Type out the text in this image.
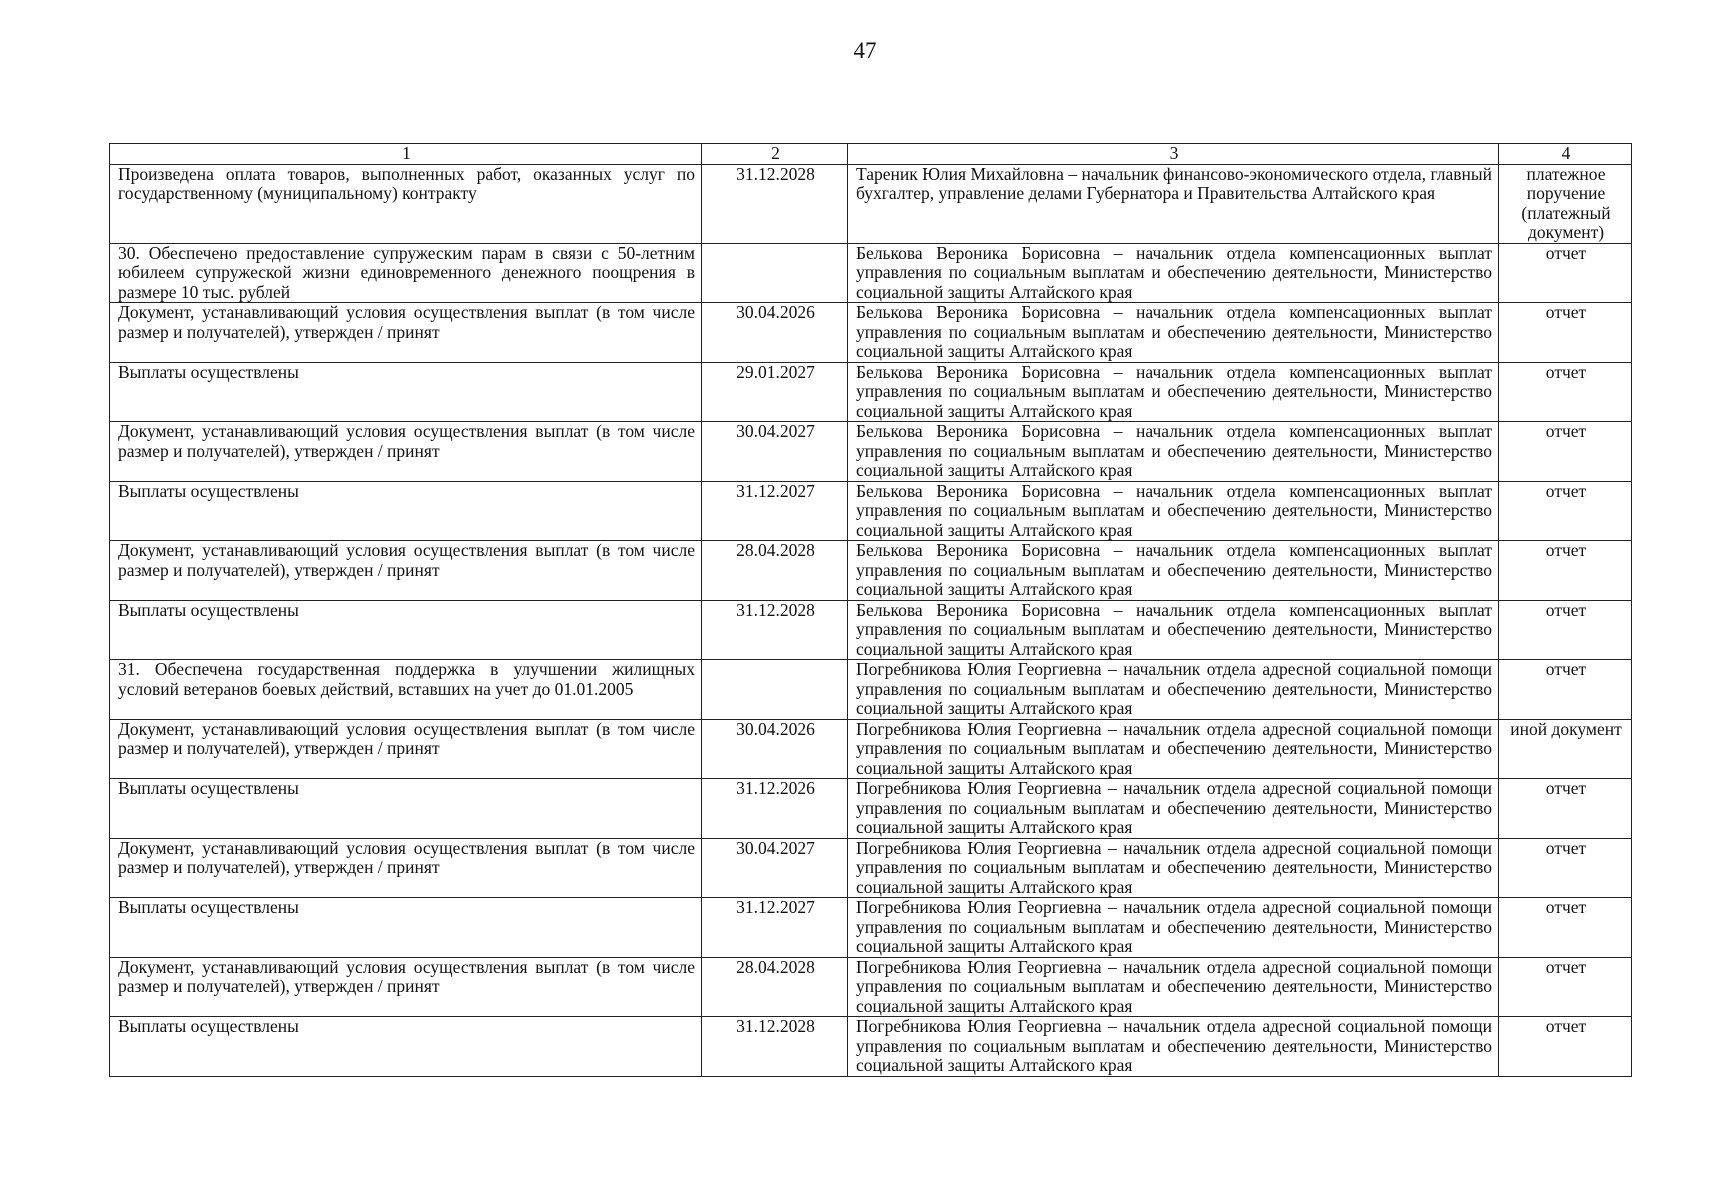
47
1	2	3	4
Произведена оплата товаров, выполненных работ, оказанных услуг по государственному (муниципальному) контракту	31.12.2028	Тареник Юлия Михайловна – начальник финансово-экономического отдела, главный бухгалтер, управление делами Губернатора и Правительства Алтайского края	платежное поручение (платежный документ)
30. Обеспечено предоставление супружеским парам в связи с 50-летним юбилеем супружеской жизни единовременного денежного поощрения в размере 10 тыс. рублей		Белькова Вероника Борисовна – начальник отдела компенсационных выплат управления по социальным выплатам и обеспечению деятельности, Министерство социальной защиты Алтайского края	отчет
Документ, устанавливающий условия осуществления выплат (в том числе размер и получателей), утвержден / принят	30.04.2026	Белькова Вероника Борисовна – начальник отдела компенсационных выплат управления по социальным выплатам и обеспечению деятельности, Министерство социальной защиты Алтайского края	отчет
Выплаты осуществлены	29.01.2027	Белькова Вероника Борисовна – начальник отдела компенсационных выплат управления по социальным выплатам и обеспечению деятельности, Министерство социальной защиты Алтайского края	отчет
Документ, устанавливающий условия осуществления выплат (в том числе размер и получателей), утвержден / принят	30.04.2027	Белькова Вероника Борисовна – начальник отдела компенсационных выплат управления по социальным выплатам и обеспечению деятельности, Министерство социальной защиты Алтайского края	отчет
Выплаты осуществлены	31.12.2027	Белькова Вероника Борисовна – начальник отдела компенсационных выплат управления по социальным выплатам и обеспечению деятельности, Министерство социальной защиты Алтайского края	отчет
Документ, устанавливающий условия осуществления выплат (в том числе размер и получателей), утвержден / принят	28.04.2028	Белькова Вероника Борисовна – начальник отдела компенсационных выплат управления по социальным выплатам и обеспечению деятельности, Министерство социальной защиты Алтайского края	отчет
Выплаты осуществлены	31.12.2028	Белькова Вероника Борисовна – начальник отдела компенсационных выплат управления по социальным выплатам и обеспечению деятельности, Министерство социальной защиты Алтайского края	отчет
31. Обеспечена государственная поддержка в улучшении жилищных условий ветеранов боевых действий, вставших на учет до 01.01.2005		Погребникова Юлия Георгиевна – начальник отдела адресной социальной помощи управления по социальным выплатам и обеспечению деятельности, Министерство социальной защиты Алтайского края	отчет
Документ, устанавливающий условия осуществления выплат (в том числе размер и получателей), утвержден / принят	30.04.2026	Погребникова Юлия Георгиевна – начальник отдела адресной социальной помощи управления по социальным выплатам и обеспечению деятельности, Министерство социальной защиты Алтайского края	иной документ
Выплаты осуществлены	31.12.2026	Погребникова Юлия Георгиевна – начальник отдела адресной социальной помощи управления по социальным выплатам и обеспечению деятельности, Министерство социальной защиты Алтайского края	отчет
Документ, устанавливающий условия осуществления выплат (в том числе размер и получателей), утвержден / принят	30.04.2027	Погребникова Юлия Георгиевна – начальник отдела адресной социальной помощи управления по социальным выплатам и обеспечению деятельности, Министерство социальной защиты Алтайского края	отчет
Выплаты осуществлены	31.12.2027	Погребникова Юлия Георгиевна – начальник отдела адресной социальной помощи управления по социальным выплатам и обеспечению деятельности, Министерство социальной защиты Алтайского края	отчет
Документ, устанавливающий условия осуществления выплат (в том числе размер и получателей), утвержден / принят	28.04.2028	Погребникова Юлия Георгиевна – начальник отдела адресной социальной помощи управления по социальным выплатам и обеспечению деятельности, Министерство социальной защиты Алтайского края	отчет
Выплаты осуществлены	31.12.2028	Погребникова Юлия Георгиевна – начальник отдела адресной социальной помощи управления по социальным выплатам и обеспечению деятельности, Министерство социальной защиты Алтайского края	отчет
